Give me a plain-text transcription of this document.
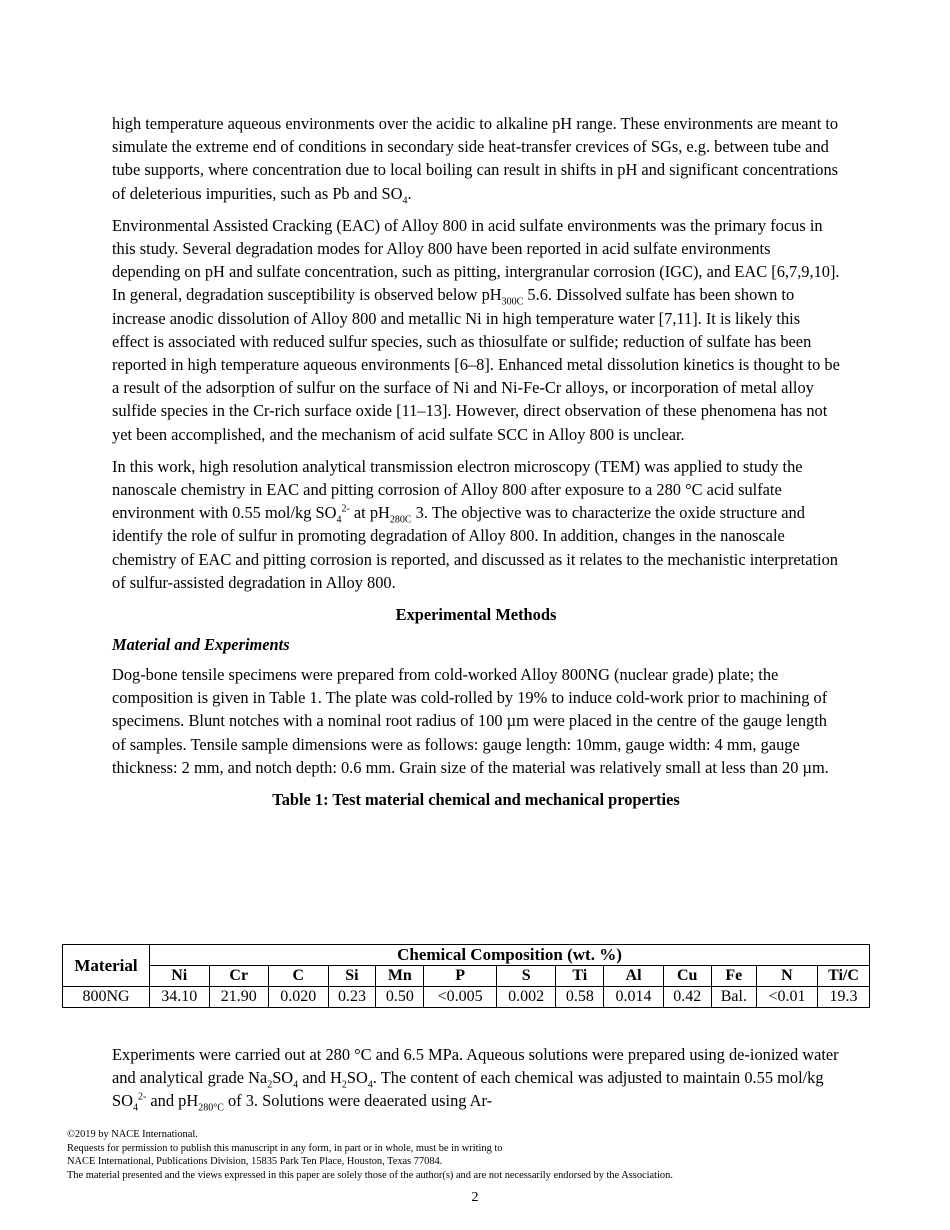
high temperature aqueous environments over the acidic to alkaline pH range. These environments are meant to simulate the extreme end of conditions in secondary side heat-transfer crevices of SGs, e.g. between tube and tube supports, where concentration due to local boiling can result in shifts in pH and significant concentrations of deleterious impurities, such as Pb and $SO_4$.

Environmental Assisted Cracking (EAC) of Alloy 800 in acid sulfate environments was the primary focus in this study. Several degradation modes for Alloy 800 have been reported in acid sulfate environments depending on pH and sulfate concentration, such as pitting, intergranular corrosion (IGC), and EAC [6,7,9,10]. In general, degradation susceptibility is observed below $pH_{300C}$ 5.6. Dissolved sulfate has been shown to increase anodic dissolution of Alloy 800 and metallic Ni in high temperature water [7,11]. It is likely this effect is associated with reduced sulfur species, such as thiosulfate or sulfide; reduction of sulfate has been reported in high temperature aqueous environments [6–8]. Enhanced metal dissolution kinetics is thought to be a result of the adsorption of sulfur on the surface of Ni and Ni-Fe-Cr alloys, or incorporation of metal alloy sulfide species in the Cr-rich surface oxide [11–13]. However, direct observation of these phenomena has not yet been accomplished, and the mechanism of acid sulfate SCC in Alloy 800 is unclear.

In this work, high resolution analytical transmission electron microscopy (TEM) was applied to study the nanoscale chemistry in EAC and pitting corrosion of Alloy 800 after exposure to a 280 °C acid sulfate environment with 0.55 mol/kg $SO_4^{2-}$ at $pH_{280C}$ 3. The objective was to characterize the oxide structure and identify the role of sulfur in promoting degradation of Alloy 800. In addition, changes in the nanoscale chemistry of EAC and pitting corrosion is reported, and discussed as it relates to the mechanistic interpretation of sulfur-assisted degradation in Alloy 800.

Experimental Methods
Material and Experiments

Dog-bone tensile specimens were prepared from cold-worked Alloy 800NG (nuclear grade) plate; the composition is given in Table 1. The plate was cold-rolled by 19% to induce cold-work prior to machining of specimens. Blunt notches with a nominal root radius of 100 µm were placed in the centre of the gauge length of samples. Tensile sample dimensions were as follows: gauge length: 10mm, gauge width: 4 mm, gauge thickness: 2 mm, and notch depth: 0.6 mm. Grain size of the material was relatively small at less than 20 µm.

Table 1: Test material chemical and mechanical properties
Material	Chemical Composition (wt. %)												
	Ni	Cr	C	Si	Mn	P	S	Ti	Al	Cu	Fe	N	Ti/C
800NG	34.10	21.90	0.020	0.23	0.50	<0.005	0.002	0.58	0.014	0.42	Bal.	<0.01	19.3

Experiments were carried out at 280 °C and 6.5 MPa. Aqueous solutions were prepared using de-ionized water and analytical grade $Na_2SO_4$ and $H_2SO_4$. The content of each chemical was adjusted to maintain 0.55 mol/kg $SO_4^{2-}$ and $pH_{280^\circ C}$ of 3. Solutions were deaerated using Ar-

©2019 by NACE International.
Requests for permission to publish this manuscript in any form, in part or in whole, must be in writing to
NACE International, Publications Division, 15835 Park Ten Place, Houston, Texas 77084.
The material presented and the views expressed in this paper are solely those of the author(s) and are not necessarily endorsed by the Association.
2
